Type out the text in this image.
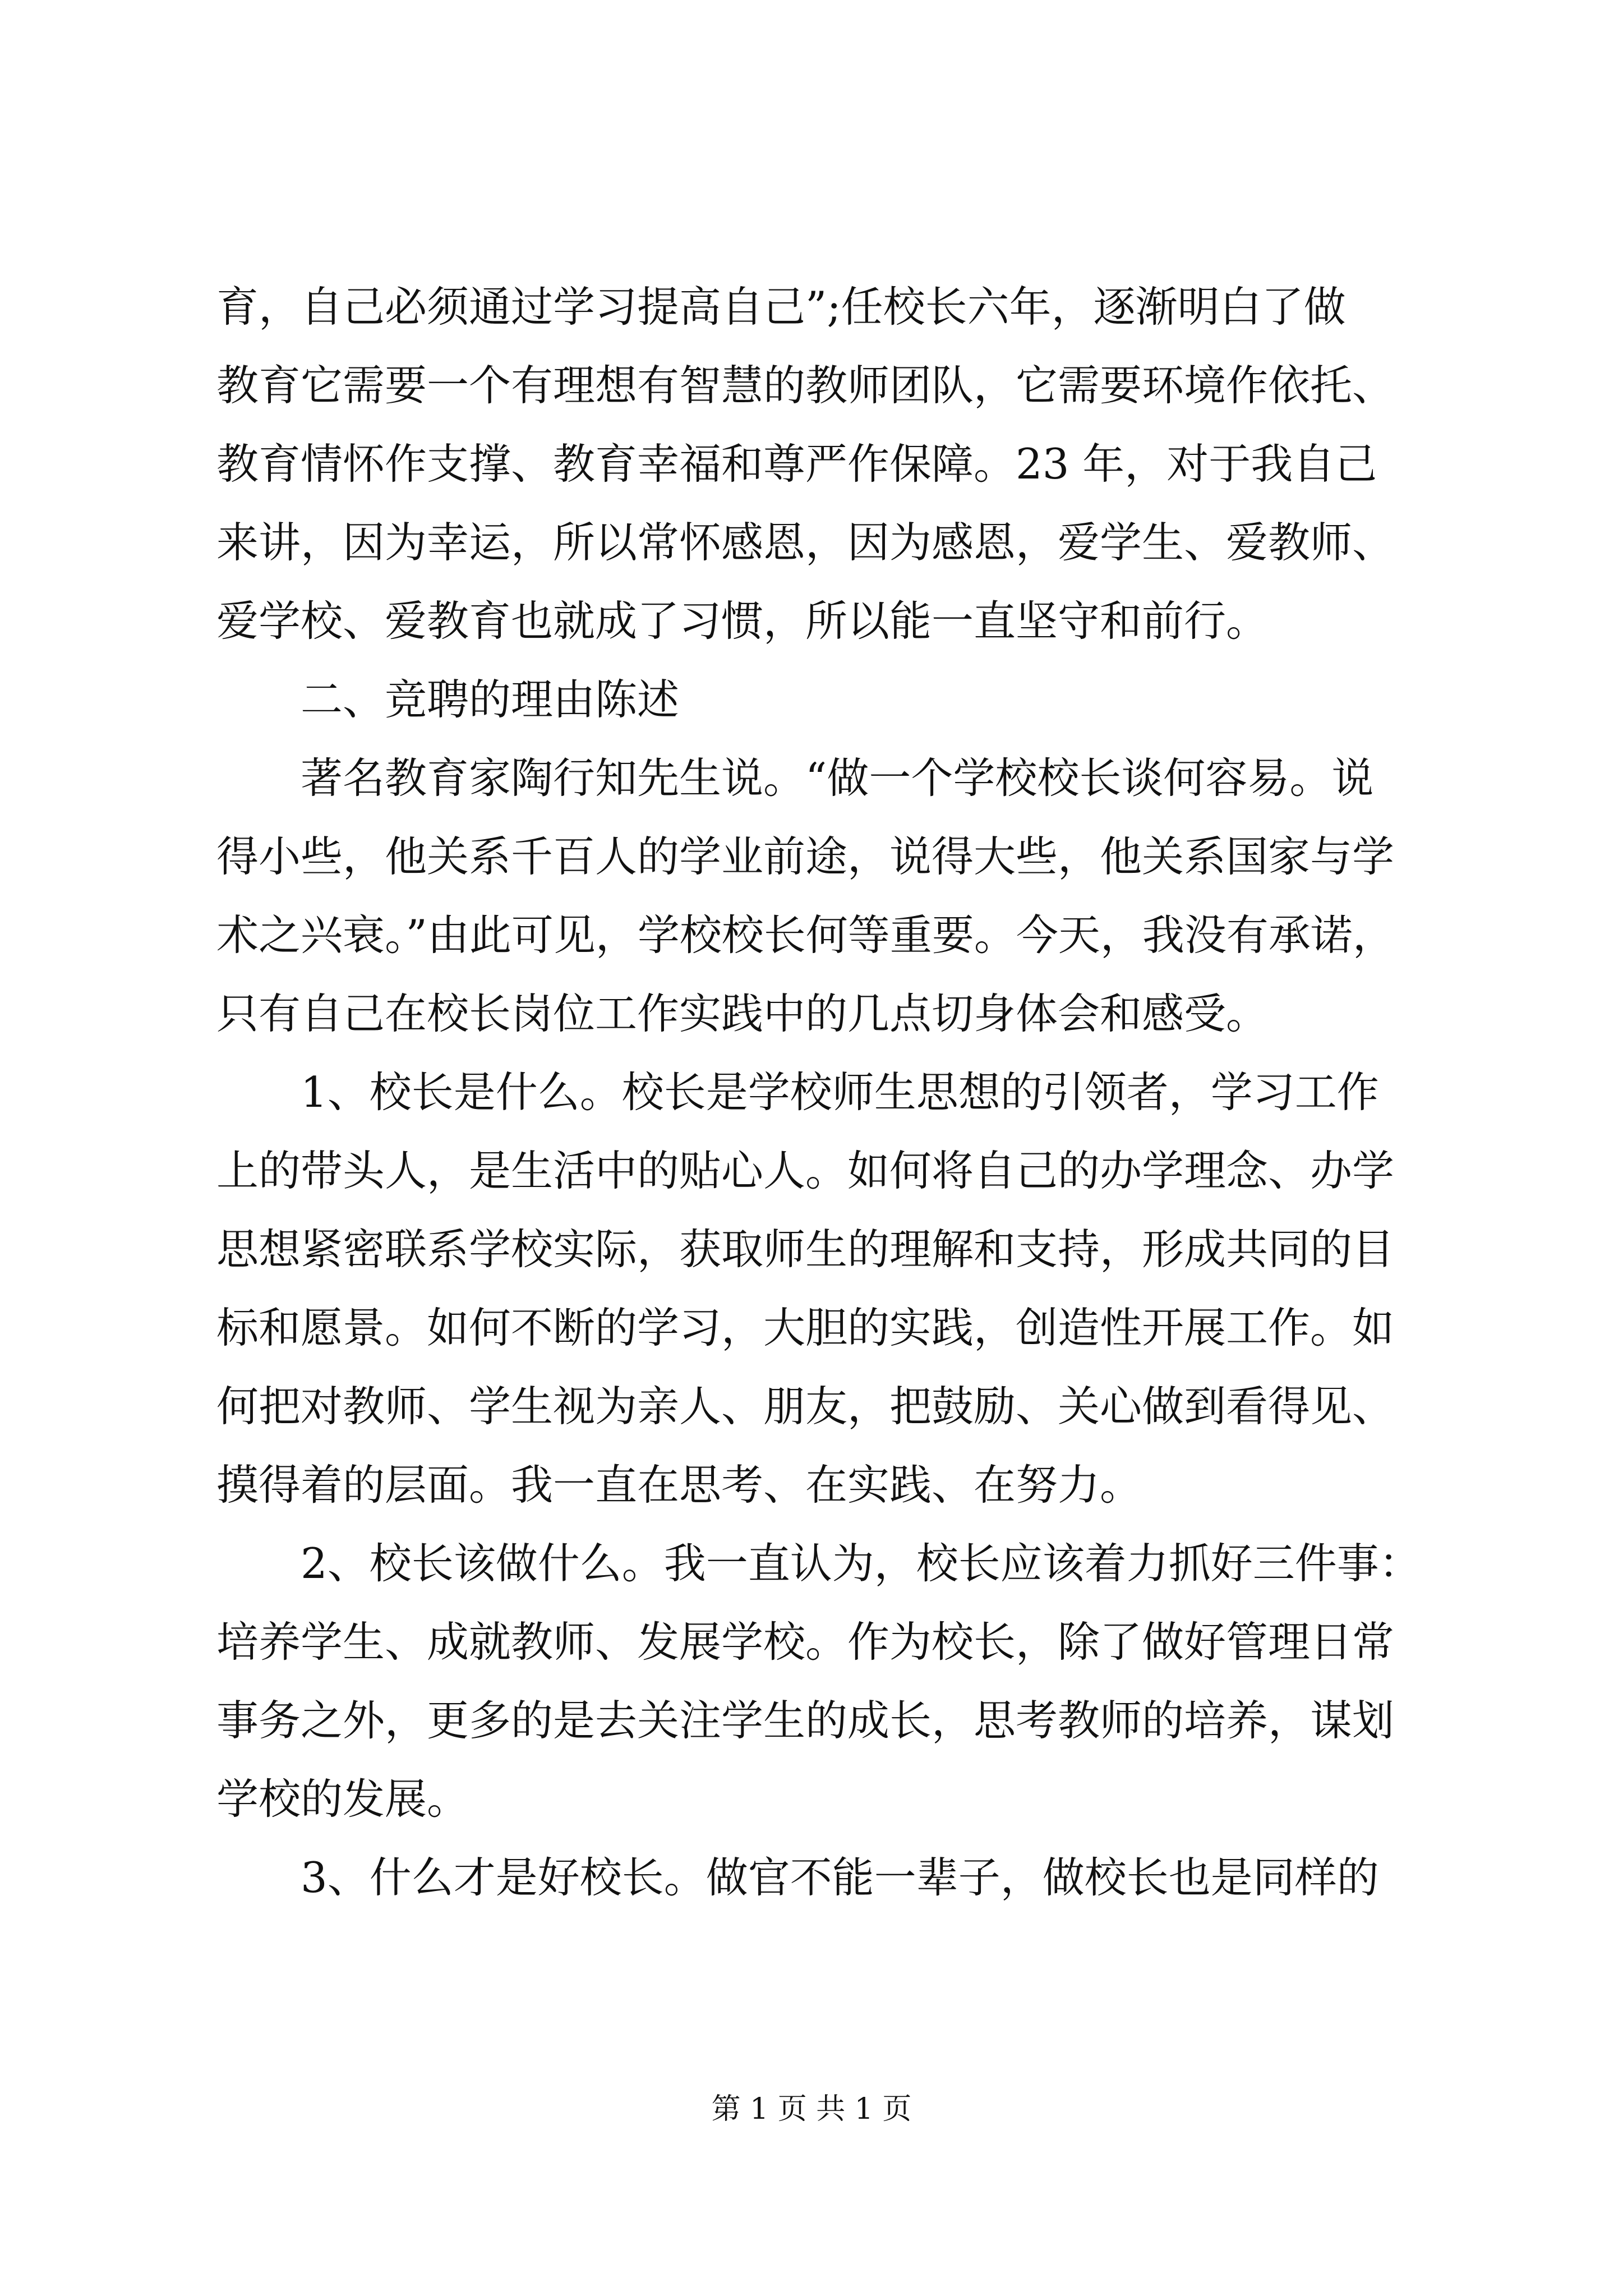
育，自己必须通过学习提高自己”;任校长六年，逐渐明白了做
教育它需要一个有理想有智慧的教师团队，它需要环境作依托、
教育情怀作支撑、教育幸福和尊严作保障。23 年，对于我自己
来讲，因为幸运，所以常怀感恩，因为感恩，爱学生、爱教师、
爱学校、爱教育也就成了习惯，所以能一直坚守和前行。
二、竞聘的理由陈述
著名教育家陶行知先生说。“做一个学校校长谈何容易。说
得小些，他关系千百人的学业前途，说得大些，他关系国家与学
术之兴衰。”由此可见，学校校长何等重要。今天，我没有承诺，
只有自己在校长岗位工作实践中的几点切身体会和感受。
1、校长是什么。校长是学校师生思想的引领者，学习工作
上的带头人，是生活中的贴心人。如何将自己的办学理念、办学
思想紧密联系学校实际，获取师生的理解和支持，形成共同的目
标和愿景。如何不断的学习，大胆的实践，创造性开展工作。如
何把对教师、学生视为亲人、朋友，把鼓励、关心做到看得见、
摸得着的层面。我一直在思考、在实践、在努力。
2、校长该做什么。我一直认为，校长应该着力抓好三件事：
培养学生、成就教师、发展学校。作为校长，除了做好管理日常
事务之外，更多的是去关注学生的成长，思考教师的培养，谋划
学校的发展。
3、什么才是好校长。做官不能一辈子，做校长也是同样的
第 1 页 共 1 页
